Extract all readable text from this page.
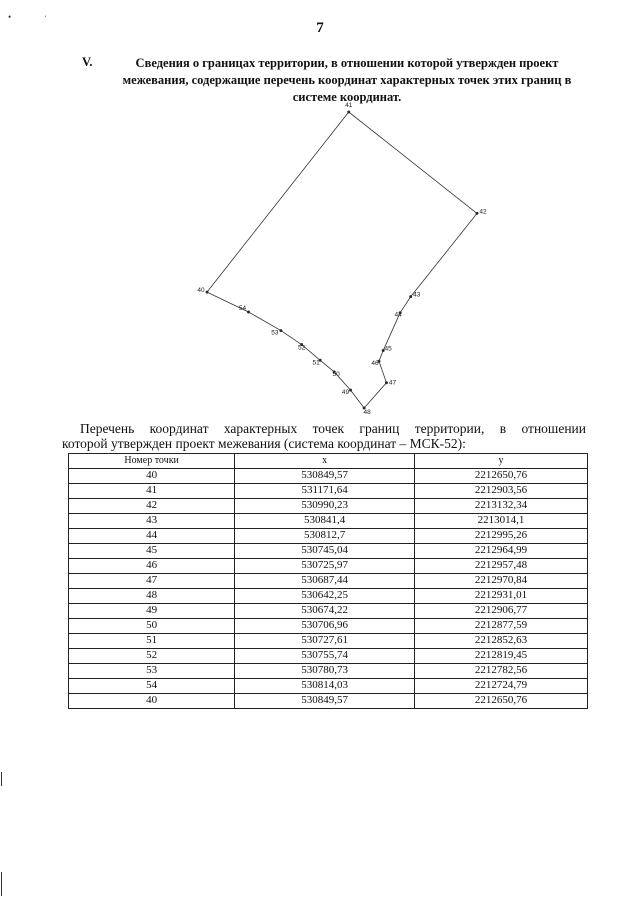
•	ˈ
7
V.	Сведения о границах территории, в отношении которой утвержден проект межевания, содержащие перечень координат характерных точек этих границ в системе координат.
40
41
42
43
44
45
46
47
48
49
50
51
52
53
54
Перечень координат характерных точек границ территории, в отношении
которой утвержден проект межевания (система координат – МСК-52):
Номер точки	x	y
40	530849,57	2212650,76
41	531171,64	2212903,56
42	530990,23	2213132,34
43	530841,4	2213014,1
44	530812,7	2212995,26
45	530745,04	2212964,99
46	530725,97	2212957,48
47	530687,44	2212970,84
48	530642,25	2212931,01
49	530674,22	2212906,77
50	530706,96	2212877,59
51	530727,61	2212852,63
52	530755,74	2212819,45
53	530780,73	2212782,56
54	530814,03	2212724,79
40	530849,57	2212650,76
